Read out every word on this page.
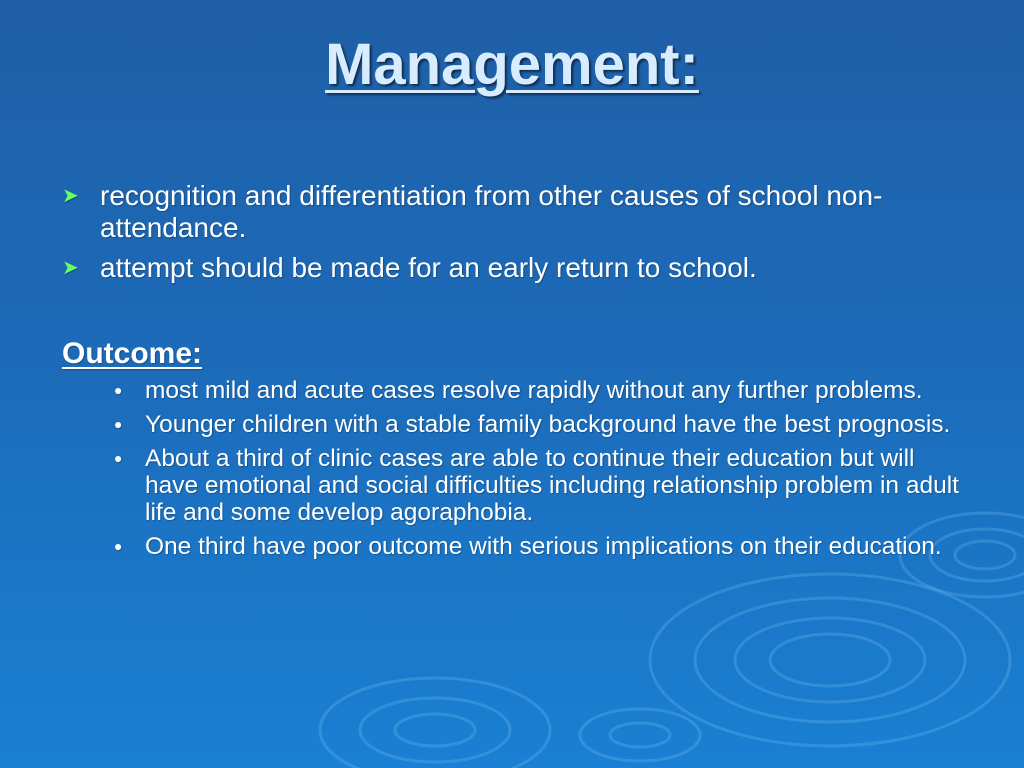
Management:
➤ recognition and differentiation from other causes of school non-attendance.
➤ attempt should be made for an early return to school.
Outcome:
● most mild and acute cases resolve rapidly without any further problems.
● Younger children with a stable family background have the best prognosis.
● About a third of clinic cases are able to continue their education but will have emotional and social difficulties including relationship problem in adult life and some develop agoraphobia.
● One third have poor outcome with serious implications on their education.
